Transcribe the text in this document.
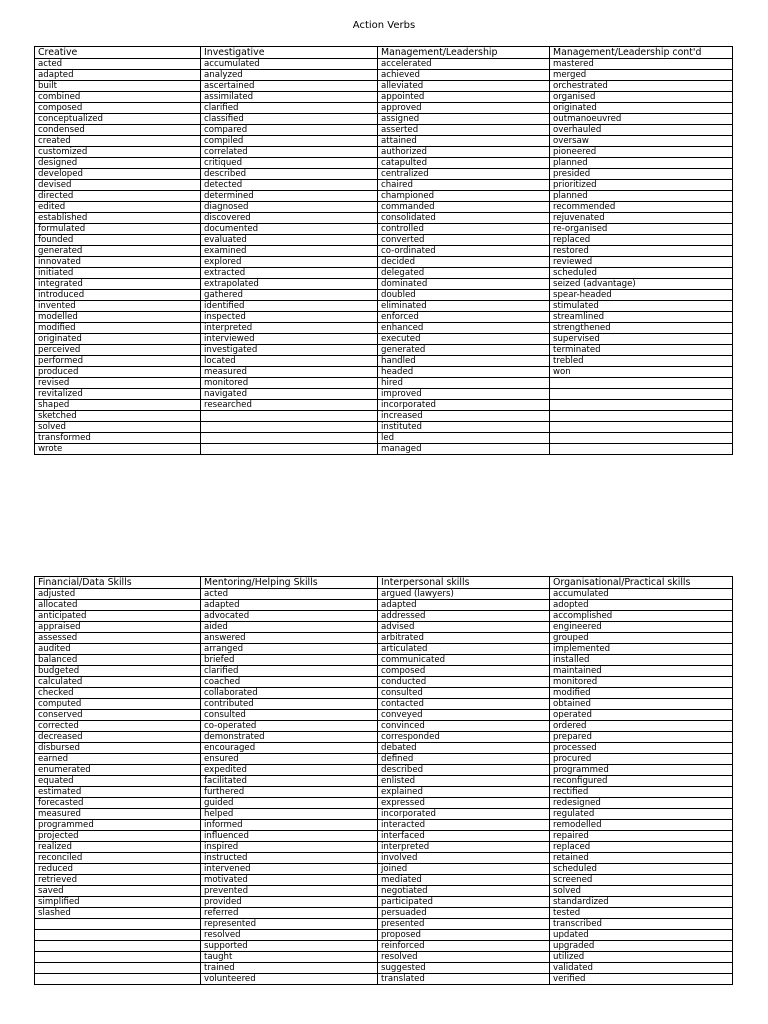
Action Verbs
Creative	Investigative	Management/Leadership	Management/Leadership cont'd
acted	accumulated	accelerated	mastered
adapted	analyzed	achieved	merged
built	ascertained	alleviated	orchestrated
combined	assimilated	appointed	organised
composed	clarified	approved	originated
conceptualized	classified	assigned	outmanoeuvred
condensed	compared	asserted	overhauled
created	compiled	attained	oversaw
customized	correlated	authorized	pioneered
designed	critiqued	catapulted	planned
developed	described	centralized	presided
devised	detected	chaired	prioritized
directed	determined	championed	planned
edited	diagnosed	commanded	recommended
established	discovered	consolidated	rejuvenated
formulated	documented	controlled	re-organised
founded	evaluated	converted	replaced
generated	examined	co-ordinated	restored
innovated	explored	decided	reviewed
initiated	extracted	delegated	scheduled
integrated	extrapolated	dominated	seized (advantage)
introduced	gathered	doubled	spear-headed
invented	identified	eliminated	stimulated
modelled	inspected	enforced	streamlined
modified	interpreted	enhanced	strengthened
originated	interviewed	executed	supervised
perceived	investigated	generated	terminated
performed	located	handled	trebled
produced	measured	headed	won
revised	monitored	hired	
revitalized	navigated	improved	
shaped	researched	incorporated	
sketched		increased	
solved		instituted	
transformed		led	
wrote		managed	
Financial/Data Skills	Mentoring/Helping Skills	Interpersonal skills	Organisational/Practical skills
adjusted	acted	argued (lawyers)	accumulated
allocated	adapted	adapted	adopted
anticipated	advocated	addressed	accomplished
appraised	aided	advised	engineered
assessed	answered	arbitrated	grouped
audited	arranged	articulated	implemented
balanced	briefed	communicated	installed
budgeted	clarified	composed	maintained
calculated	coached	conducted	monitored
checked	collaborated	consulted	modified
computed	contributed	contacted	obtained
conserved	consulted	conveyed	operated
corrected	co-operated	convinced	ordered
decreased	demonstrated	corresponded	prepared
disbursed	encouraged	debated	processed
earned	ensured	defined	procured
enumerated	expedited	described	programmed
equated	facilitated	enlisted	reconfigured
estimated	furthered	explained	rectified
forecasted	guided	expressed	redesigned
measured	helped	incorporated	regulated
programmed	informed	interacted	remodelled
projected	influenced	interfaced	repaired
realized	inspired	interpreted	replaced
reconciled	instructed	involved	retained
reduced	intervened	joined	scheduled
retrieved	motivated	mediated	screened
saved	prevented	negotiated	solved
simplified	provided	participated	standardized
slashed	referred	persuaded	tested
	represented	presented	transcribed
	resolved	proposed	updated
	supported	reinforced	upgraded
	taught	resolved	utilized
	trained	suggested	validated
	volunteered	translated	verified
